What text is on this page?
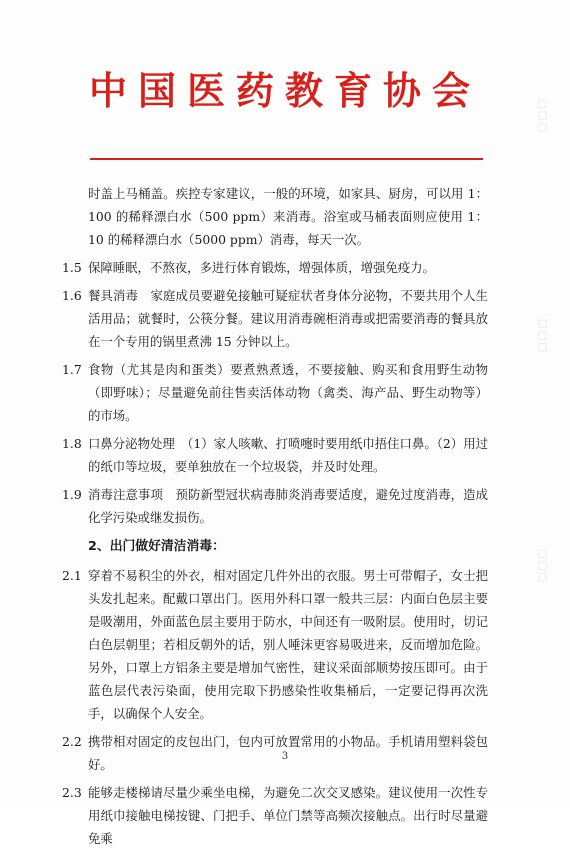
中国医药教育协会

时盖上马桶盖。疾控专家建议，一般的环境，如家具、厨房，可以用 1：100 的稀释漂白水（500 ppm）来消毒。浴室或马桶表面则应使用 1：10 的稀释漂白水（5000 ppm）消毒，每天一次。

1.5 保障睡眠，不熬夜，多进行体育锻炼，增强体质，增强免疫力。

1.6 餐具消毒　家庭成员要避免接触可疑症状者身体分泌物，不要共用个人生活用品；就餐时，公筷分餐。建议用消毒碗柜消毒或把需要消毒的餐具放在一个专用的锅里煮沸 15 分钟以上。

1.7 食物（尤其是肉和蛋类）要煮熟煮透，不要接触、购买和食用野生动物（即野味）；尽量避免前往售卖活体动物（禽类、海产品、野生动物等）的市场。

1.8 口鼻分泌物处理　（1）家人咳嗽、打喷嚏时要用纸巾捂住口鼻。（2）用过的纸巾等垃圾，要单独放在一个垃圾袋，并及时处理。

1.9 消毒注意事项　预防新型冠状病毒肺炎消毒要适度，避免过度消毒，造成化学污染或继发损伤。

2、出门做好清洁消毒：

2.1 穿着不易积尘的外衣，相对固定几件外出的衣服。男士可带帽子，女士把头发扎起来。配戴口罩出门。医用外科口罩一般共三层：内面白色层主要是吸潮用，外面蓝色层主要用于防水，中间还有一吸附层。使用时，切记白色层朝里；若相反朝外的话，别人唾沫更容易吸进来，反而增加危险。另外，口罩上方铝条主要是增加气密性，建议采面部顺势按压即可。由于蓝色层代表污染面，使用完取下扔感染性收集桶后，一定要记得再次洗手，以确保个人安全。

2.2 携带相对固定的皮包出门，包内可放置常用的小物品。手机请用塑料袋包好。

2.3 能够走楼梯请尽量少乘坐电梯，为避免二次交叉感染。建议使用一次性专用纸巾接触电梯按键、门把手、单位门禁等高频次接触点。出行时尽量避免乘

3
☐☐☐
☐☐☐
☐☐☐
